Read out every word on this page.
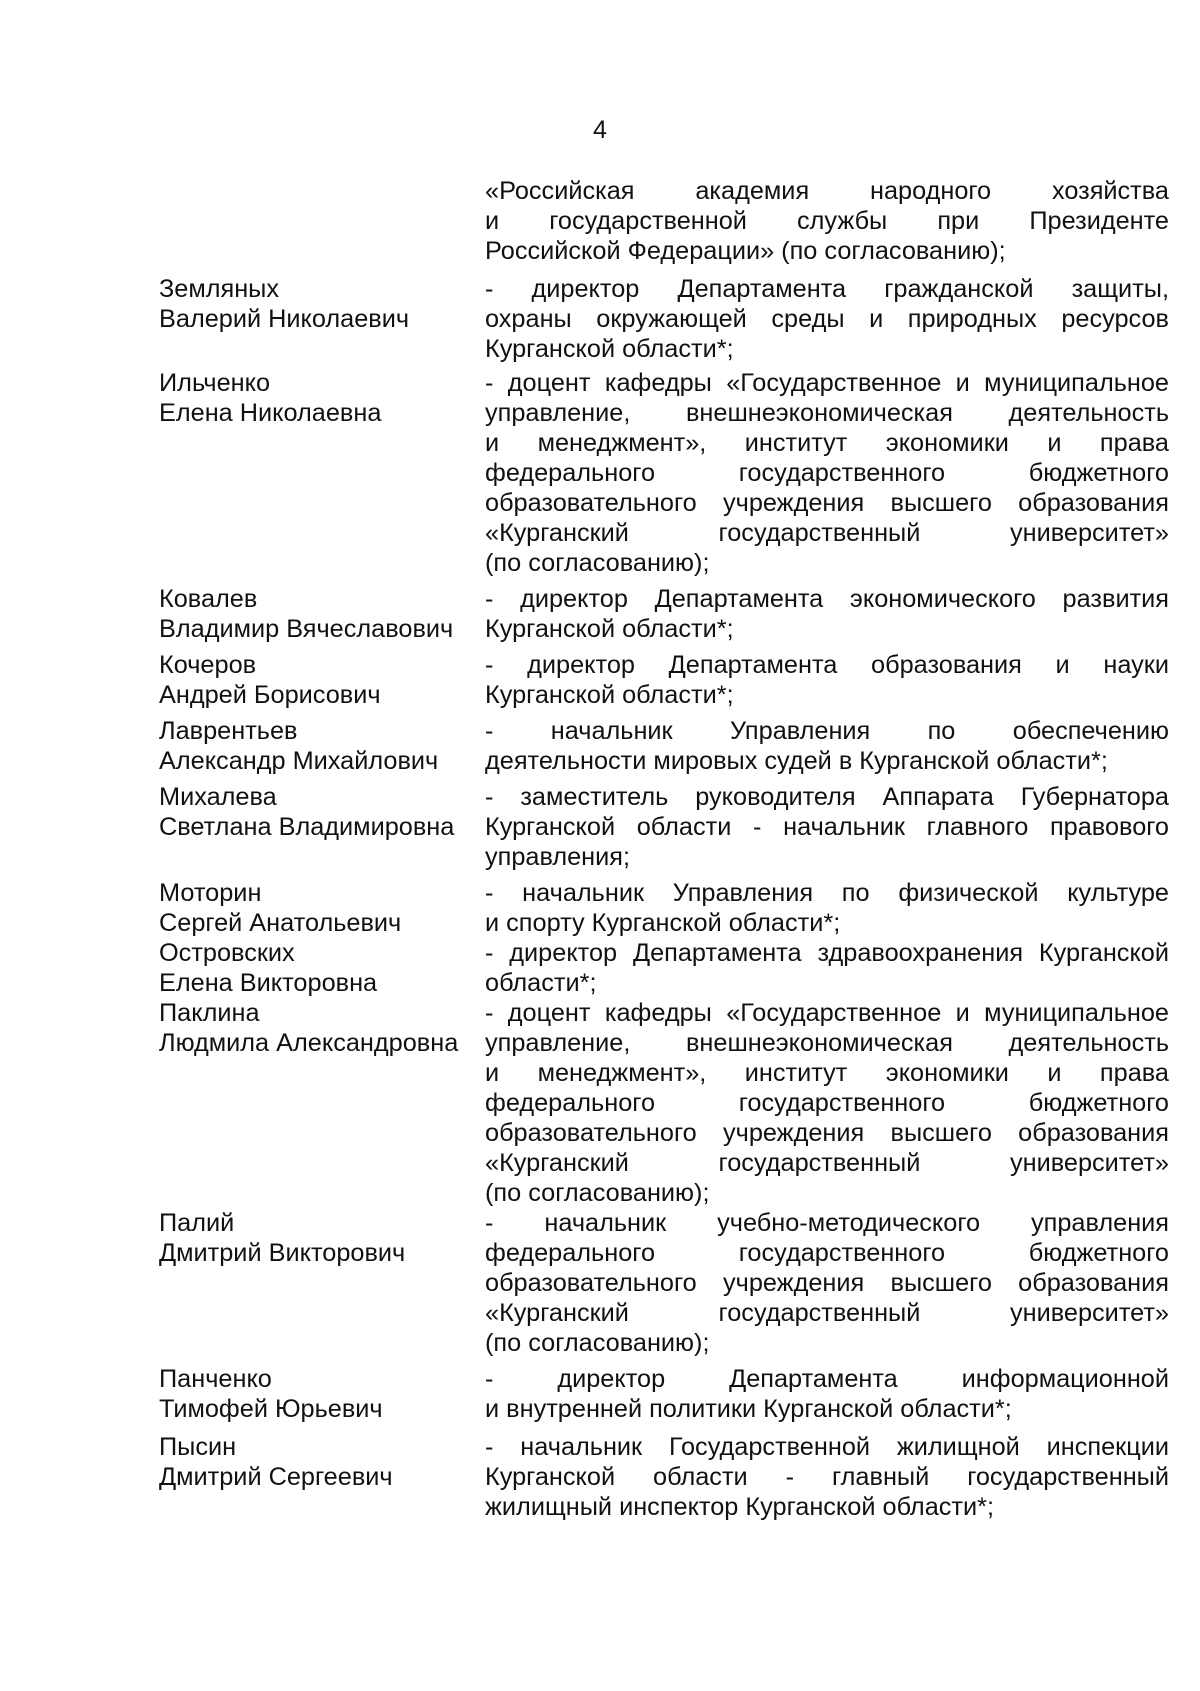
4
«Российская академия народного хозяйства
и государственной службы при Президенте
Российской Федерации» (по согласованию);
Земляных
Валерий Николаевич
- директор Департамента гражданской защиты,
охраны окружающей среды и природных ресурсов
Курганской области*;
Ильченко
Елена Николаевна
- доцент кафедры «Государственное и муниципальное
управление, внешнеэкономическая деятельность
и менеджмент», институт экономики и права
федерального государственного бюджетного
образовательного учреждения высшего образования
«Курганский государственный университет»
(по согласованию);
Ковалев
Владимир Вячеславович
- директор Департамента экономического развития
Курганской области*;
Кочеров
Андрей Борисович
- директор Департамента образования и науки
Курганской области*;
Лаврентьев
Александр Михайлович
- начальник Управления по обеспечению
деятельности мировых судей в Курганской области*;
Михалева
Светлана Владимировна
- заместитель руководителя Аппарата Губернатора
Курганской области - начальник главного правового
управления;
Моторин
Сергей Анатольевич
- начальник Управления по физической культуре
и спорту Курганской области*;
Островских
Елена Викторовна
- директор Департамента здравоохранения Курганской
области*;
Паклина
Людмила Александровна
- доцент кафедры «Государственное и муниципальное
управление, внешнеэкономическая деятельность
и менеджмент», институт экономики и права
федерального государственного бюджетного
образовательного учреждения высшего образования
«Курганский государственный университет»
(по согласованию);
Палий
Дмитрий Викторович
- начальник учебно-методического управления
федерального государственного бюджетного
образовательного учреждения высшего образования
«Курганский государственный университет»
(по согласованию);
Панченко
Тимофей Юрьевич
- директор Департамента информационной
и внутренней политики Курганской области*;
Пысин
Дмитрий Сергеевич
- начальник Государственной жилищной инспекции
Курганской области - главный государственный
жилищный инспектор Курганской области*;
